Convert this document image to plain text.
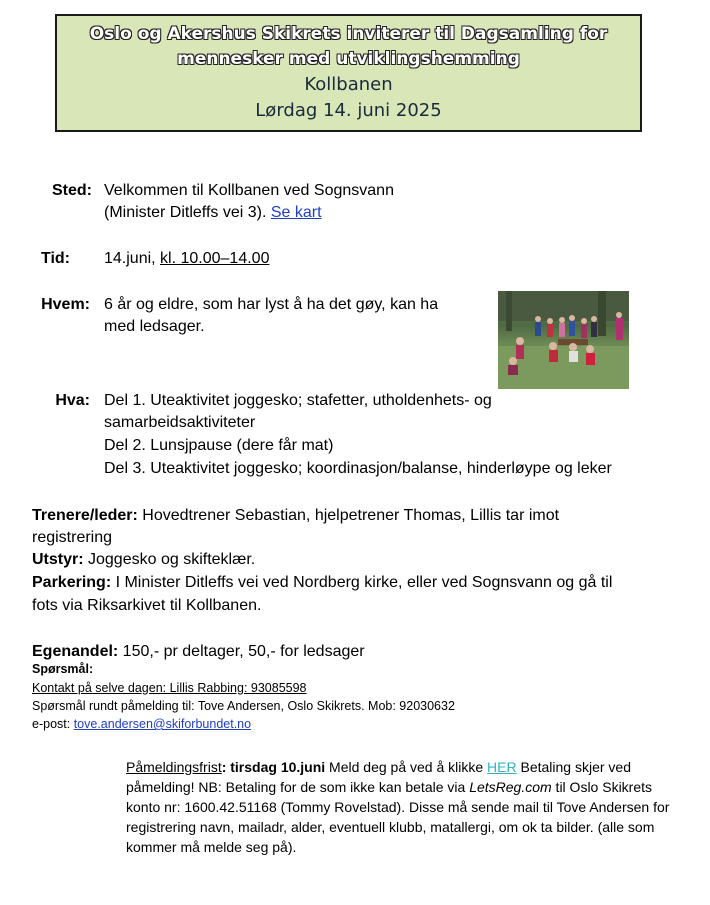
Oslo og Akershus Skikrets inviterer til Dagsamling for
mennesker med utviklingshemming
Kollbanen
Lørdag 14. juni 2025
Sted: Velkommen til Kollbanen ved Sognsvann
(Minister Ditleffs vei 3). Se kart
Tid: 14.juni, kl. 10.00–14.00
Hvem: 6 år og eldre, som har lyst å ha det gøy, kan ha
med ledsager.
Hva: Del 1. Uteaktivitet joggesko; stafetter, utholdenhets- og
samarbeidsaktiviteter
Del 2. Lunsjpause (dere får mat)
Del 3. Uteaktivitet joggesko; koordinasjon/balanse, hinderløype og leker
Trenere/leder: Hovedtrener Sebastian, hjelpetrener Thomas, Lillis tar imot
registrering
Utstyr: Joggesko og skifteklær.
Parkering: I Minister Ditleffs vei ved Nordberg kirke, eller ved Sognsvann og gå til
fots via Riksarkivet til Kollbanen.
Egenandel: 150,- pr deltager, 50,- for ledsager
Spørsmål:
Kontakt på selve dagen: Lillis Rabbing: 93085598
Spørsmål rundt påmelding til: Tove Andersen, Oslo Skikrets. Mob: 92030632
e-post: tove.andersen@skiforbundet.no
Påmeldingsfrist: tirsdag 10.juni Meld deg på ved å klikke HER Betaling skjer ved påmelding! NB: Betaling for de som ikke kan betale via LetsReg.com til Oslo Skikrets konto nr: 1600.42.51168 (Tommy Rovelstad). Disse må sende mail til Tove Andersen for registrering navn, mailadr, alder, eventuell klubb, matallergi, om ok ta bilder. (alle som kommer må melde seg på).
